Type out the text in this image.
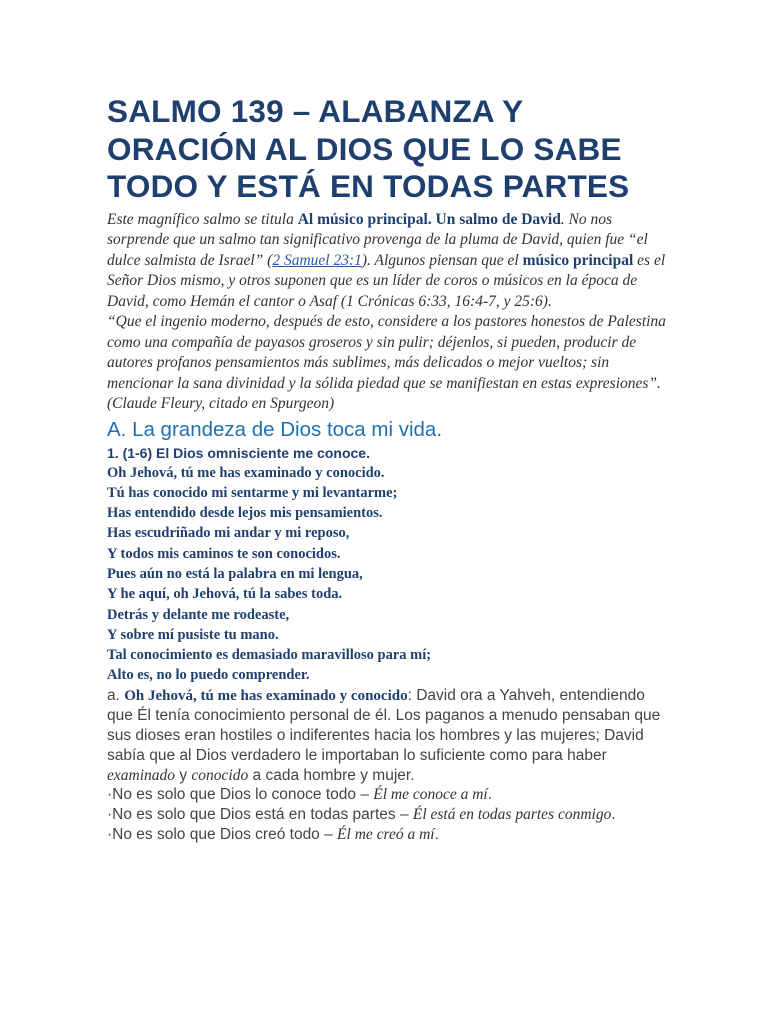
SALMO 139 – ALABANZA Y ORACIÓN AL DIOS QUE LO SABE TODO Y ESTÁ EN TODAS PARTES

Este magnífico salmo se titula Al músico principal. Un salmo de David. No nos sorprende que un salmo tan significativo provenga de la pluma de David, quien fue “el dulce salmista de Israel” (2 Samuel 23:1). Algunos piensan que el músico principal es el Señor Dios mismo, y otros suponen que es un líder de coros o músicos en la época de David, como Hemán el cantor o Asaf (1 Crónicas 6:33, 16:4-7, y 25:6).

“Que el ingenio moderno, después de esto, considere a los pastores honestos de Palestina como una compañía de payasos groseros y sin pulir; déjenlos, si pueden, producir de autores profanos pensamientos más sublimes, más delicados o mejor vueltos; sin mencionar la sana divinidad y la sólida piedad que se manifiestan en estas expresiones”. (Claude Fleury, citado en Spurgeon)

A. La grandeza de Dios toca mi vida.
1. (1-6) El Dios omnisciente me conoce.

Oh Jehová, tú me has examinado y conocido.

Tú has conocido mi sentarme y mi levantarme;

Has entendido desde lejos mis pensamientos.

Has escudriñado mi andar y mi reposo,

Y todos mis caminos te son conocidos.

Pues aún no está la palabra en mi lengua,

Y he aquí, oh Jehová, tú la sabes toda.

Detrás y delante me rodeaste,

Y sobre mí pusiste tu mano.

Tal conocimiento es demasiado maravilloso para mí;

Alto es, no lo puedo comprender.

a. Oh Jehová, tú me has examinado y conocido: David ora a Yahveh, entendiendo que Él tenía conocimiento personal de él. Los paganos a menudo pensaban que sus dioses eran hostiles o indiferentes hacia los hombres y las mujeres; David sabía que al Dios verdadero le importaban lo suficiente como para haber examinado y conocido a cada hombre y mujer.

·No es solo que Dios lo conoce todo – Él me conoce a mí.

·No es solo que Dios está en todas partes – Él está en todas partes conmigo.

·No es solo que Dios creó todo – Él me creó a mí.
